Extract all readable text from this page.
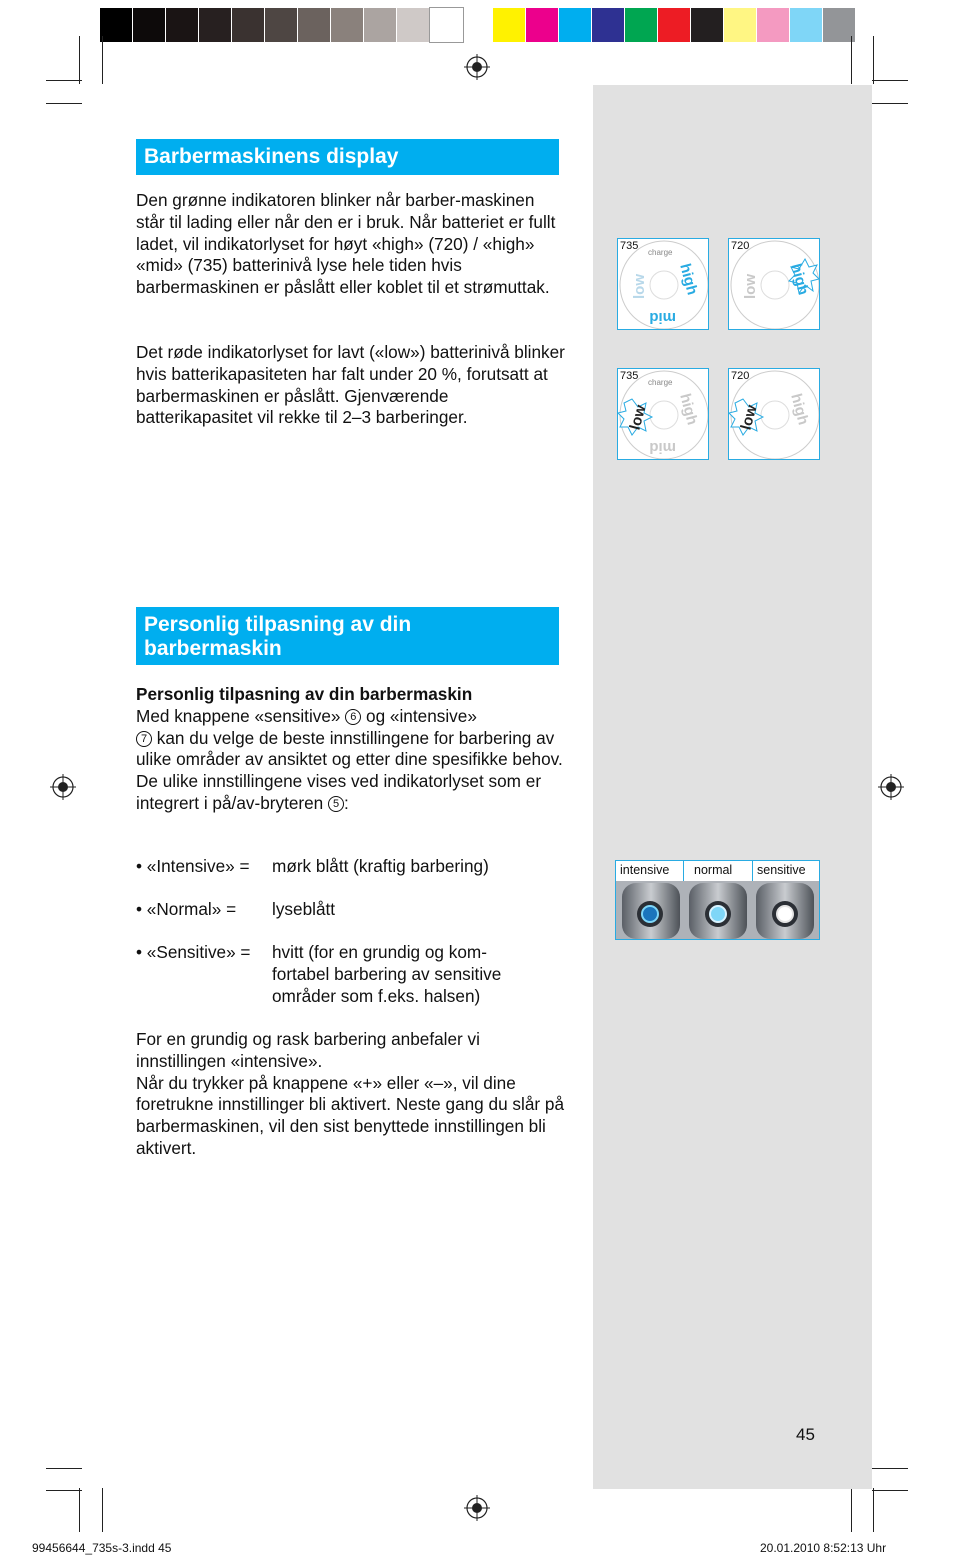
Barbermaskinens display

Den grønne indikatoren blinker når barber-maskinen står til lading eller når den er i bruk. Når batteriet er fullt ladet, vil indikatorlyset for høyt «high» (720) / «high» «mid» (735) batterinivå lyse hele tiden hvis barbermaskinen er påslått eller koblet til et strømuttak.

Det røde indikatorlyset for lavt («low») batterinivå blinker hvis batterikapasiteten har falt under 20 %, forutsatt at barbermaskinen er påslått. Gjenværende batterikapasitet vil rekke til 2–3 barberinger.

735
charge
low high
mid
720
low high
735
charge
low high
mid
720
low high
Personlig tilpasning av din barbermaskin

Personlig tilpasning av din barbermaskin

Med knappene «sensitive» 6 og «intensive»
7 kan du velge de beste innstillingene for barbering av ulike områder av ansiktet og etter dine spesifikke behov. De ulike innstillingene vises ved indikatorlyset som er integrert i på/av-bryteren 5 :

• «Intensive» = mørk blått (kraftig barbering)
• «Normal» = lyseblått
• «Sensitive» = hvitt (for en grundig og kom-fortabel barbering av sensitive områder som f.eks. halsen)

For en grundig og rask barbering anbefaler vi innstillingen «intensive».

Når du trykker på knappene «+» eller «–», vil dine foretrukne innstillinger bli aktivert. Neste gang du slår på barbermaskinen, vil den sist benyttede innstillingen bli aktivert.

intensive normal sensitive
45
99456644_735s-3.indd 45	20.01.2010 8:52:13 Uhr
